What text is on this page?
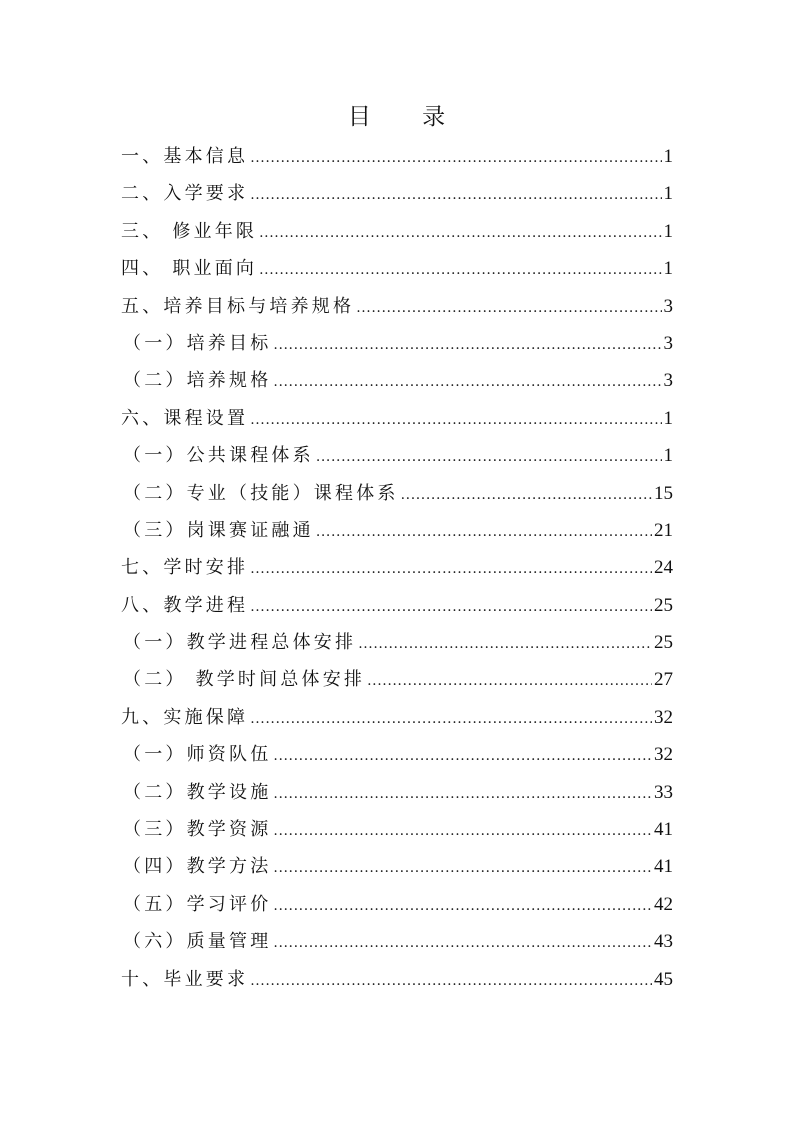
目 录
一、基本信息 .....	1
二、入学要求 .....	1
三、 修业年限 .....	1
四、 职业面向 .....	1
五、培养目标与培养规格 .....	3
（一）培养目标 .....	3
（二）培养规格 .....	3
六、课程设置 .....	1
（一）公共课程体系 .....	1
（二）专业（技能）课程体系 .....	15
（三）岗课赛证融通 .....	21
七、学时安排 .....	24
八、教学进程 .....	25
（一）教学进程总体安排 .....	25
（二） 教学时间总体安排 .....	27
九、实施保障 .....	32
（一）师资队伍 .....	32
（二）教学设施 .....	33
（三）教学资源 .....	41
（四）教学方法 .....	41
（五）学习评价 .....	42
（六）质量管理 .....	43
十、毕业要求 .....	45
